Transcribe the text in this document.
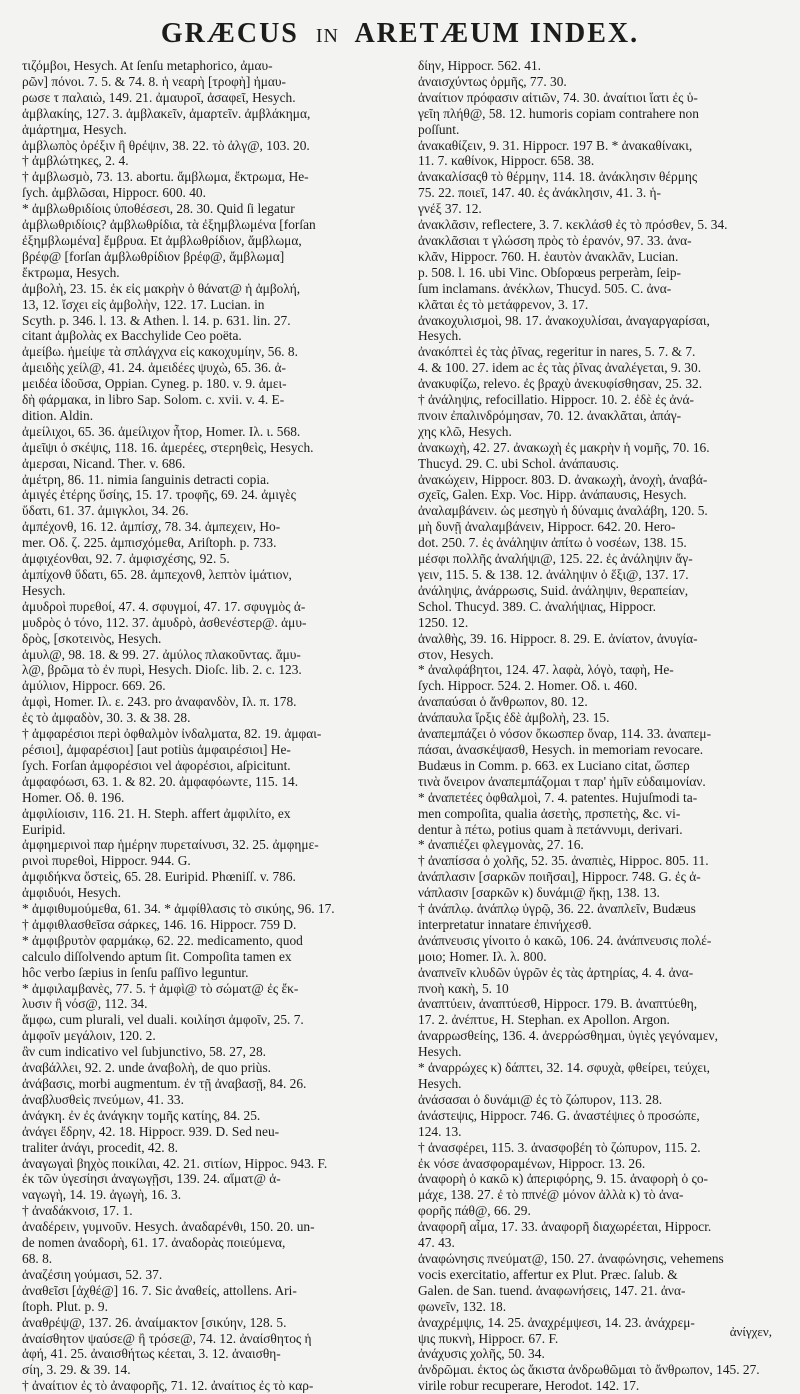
GRÆCUS IN ARETÆUM INDEX.
τιζόμβοι, Hesych. At ſenſu metaphorico, ἀμαυ-
ρῶν] πόνοι. 7. 5. & 74. 8. ἡ νεαρὴ [τροφὴ] ἠμαυ-
ρωσε τ παλαιὼ, 149. 21. ἀμαυροῖ, ἀσαφεῖ, Hesych.
ἀμβλακίης, 127. 3. ἀμβλακεῖν, ἀμαρτεῖν. ἀμβλάκημα,
ἁμάρτημα, Hesych.
ἀμβλωπὸς ὀρέξιν ἢ θρέψιν, 38. 22. τὸ ἀλγ@, 103. 20.
† ἀμβλώτηκες, 2. 4.
† ἀμβλωσμὸ, 73. 13. abortu. ἄμβλωμα, ἔκτρωμα, He-
ſych. ἀμβλῶσαι, Hippocr. 600. 40.
* ἀμβλωθριδίοις ὑποθέσεσι, 28. 30. Quid ſi legatur
ἀμβλωθριδίοις? ἀμβλωθρίδια, τὰ ἐξημβλωμένα [forſan
ἐξημβλωμένα] ἔμβρυα. Et ἀμβλωθρίδιον, ἄμβλωμα,
βρέφ@ [forſan ἀμβλωθρίδιον βρέφ@, ἄμβλωμα]
ἔκτρωμα, Hesych.
ἀμβολὴ, 23. 15. ἐκ εἰς μακρὴν ὁ θάνατ@ ἡ ἀμβολή,
13, 12. ἴσχει εἰς ἀμβολὴν, 122. 17. Lucian. in
Scyth. p. 346. l. 13. & Athen. l. 14. p. 631. lin. 27.
citant ἀμβολὰς ex Bacchylide Ceo poëta.
ἀμείβω. ἠμείψε τὰ σπλάγχνα εἰς κακοχυμίην, 56. 8.
ἀμειδὴς χείλ@, 41. 24. ἀμειδέες ψυχὼ, 65. 36. ἀ-
μειδέα ἰδοῦσα, Oppian. Cyneg. p. 180. v. 9. ἀμει-
δὴ φάρμακα, in libro Sap. Solom. c. xvii. v. 4. E-
dition. Aldin.
ἀμείλιχοι, 65. 36. ἀμείλιχον ἦτορ, Homer. Ιλ. ι. 568.
ἀμεῖψι ὁ σκέψις, 118. 16. ἀμερέες, στερηθεὶς, Hesych.
ἀμερσαι, Nicand. Ther. v. 686.
ἀμέτρη, 86. 11. nimia ſanguinis detracti copia.
ἀμιγές ἐτέρης ὕσίης, 15. 17. τροφῆς, 69. 24. ἀμιγὲς
ὕδατι, 61. 37. ἀμιγκλοι, 34. 26.
ἀμπέχονθ, 16. 12. ἀμπίσχ, 78. 34. ἀμπεχειν, Ho-
mer. Οδ. ζ. 225. ἀμπισχόμεθα, Ariſtoph. p. 733.
ἀμφιχέονθαι, 92. 7. ἀμφισχέσης, 92. 5.
ἀμπίχονθ ὕδατι, 65. 28. ἀμπεχονθ, λεπτὸν ἱμάτιον,
Hesych.
ἀμυδροὶ πυρεθοί, 47. 4. σφυγμοί, 47. 17. σφυγμὸς ἀ-
μυδρὸς ὁ τόνο, 112. 37. ἀμυδρὸ, ἀσθενέστερ@. ἀμυ-
δρὸς, [σκοτεινὸς, Hesych.
ἀμυλ@, 98. 18. & 99. 27. ἀμύλος πλακοῦντας. ἄμυ-
λ@, βρῶμα τὸ ἐν πυρὶ, Hesych. Dioſc. lib. 2. c. 123.
ἀμύλιον, Hippocr. 669. 26.
ἀμφὶ, Homer. Ιλ. ε. 243. pro ἀναφανδὸν, Ιλ. π. 178.
ἐς τὸ ἀμφαδὸν, 30. 3. & 38. 28.
† ἀμφαρέσιοι περὶ ὀφθαλμὸν ἰνδαλματα, 82. 19. ἀμφαι-
ρέσιοι], ἀμφαρέσιοι] [aut potiùs ἀμφαιρέσιοι] He-
ſych. Forſan ἀμφορέσιοι vel ἀφορέσιοι, aſpicitunt.
ἀμφαφόωσι, 63. 1. & 82. 20. ἀμφαφόωντε, 115. 14.
Homer. Οδ. θ. 196.
ἀμφιλίοισιν, 116. 21. H. Steph. affert ἀμφιλίτο, ex
Euripid.
ἀμφημερινοὶ παρ ἡμέρην πυρεταίνυσι, 32. 25. ἀμφημε-
ρινοὶ πυρεθοὶ, Hippocr. 944. G.
ἀμφιδήκνα ὄστεὶς, 65. 28. Euripid. Phœniſſ. v. 786.
ἀμφιδυόι, Hesych.
* ἀμφιθυμούμεθα, 61. 34. * ἀμφίθλασις τὸ σικύης, 96. 17.
† ἀμφιθλασθεῖσα σάρκες, 146. 16. Hippocr. 759 D.
* ἀμφιβρυτὸν φαρμάκῳ, 62. 22. medicamento, quod
calculo diſſolvendo aptum ſit. Compoſita tamen ex
hôc verbo ſæpius in ſenſu paſſivo leguntur.
* ἀμφιλαμβανὲς, 77. 5. † ἀμφὶ@ τὸ σώματ@ ἐς ἔκ-
λυσιν ἢ νόσ@, 112. 34.
ἄμφω, cum plurali, vel duali. κοιλίησι ἀμφοῖν, 25. 7.
ἀμφοῖν μεγάλοιν, 120. 2.
ἂν cum indicativo vel ſubjunctivo, 58. 27, 28.
ἀναβάλλει, 92. 2. unde ἀναβολὴ, de quo priùs.
ἀνάβασις, morbi augmentum. ἐν τῇ ἀναβασῇ, 84. 26.
ἀναβλυσθεὶς πνεύμων, 41. 33.
ἀνάγκη. ἐν ἐς ἀνάγκην τομῆς κατίης, 84. 25.
ἀνάγει ἔδρην, 42. 18. Hippocr. 939. D. Sed neu-
traliter ἀνάγι, procedit, 42. 8.
ἀναγωγαὶ βηχὸς ποικίλαι, 42. 21. σιτίων, Hippoc. 943. F.
ἐκ τῶν ὑγεσίησι ἀναγωγῇσι, 139. 24. αἵματ@ ἀ-
ναγωγὴ, 14. 19. ἀγωγὴ, 16. 3.
† ἀναδάκνοισ, 17. 1.
ἀναδέρειν, γυμνοῦν. Hesych. ἀναδαρένθι, 150. 20. un-
de nomen ἀναδορὴ, 61. 17. ἀναδορὰς ποιεύμενα,
68. 8.
ἀναζέσιη γούμασι, 52. 37.
ἀναθεῖσι [ἀχθέ@] 16. 7. Sic ἀναθείς, attollens. Ari-
ſtoph. Plut. p. 9.
ἀναθρέψ@, 137. 26. ἀναίμακτον [σικύην, 128. 5.
ἀναίσθητον ψαύσε@ ἢ τρόσε@, 74. 12. ἀναίσθητος ἡ
ἀφή, 41. 25. ἀναισθήτως κέεται, 3. 12. ἀναισθη-
σίη, 3. 29. & 39. 14.
† ἀναίτιον ἐς τὸ ἀναφορῆς, 71. 12. ἀναίτιος ἐς τὸ καρ-
δίην, Hippocr. 562. 41.
ἀναισχύντως ὀρμῆς, 77. 30.
ἀναίτιον πρόφασιν αἰτιῶν, 74. 30. ἀναίτιοι ἴατι ἐς ὑ-
γεῖη πλήθ@, 58. 12. humoris copiam contrahere non
poſſunt.
ἀνακαθίζειν, 9. 31. Hippocr. 197 B. * ἀνακαθίνακι,
11. 7. καθίνοκ, Hippocr. 658. 38.
ἀνακαλίσαςθ τὸ θέρμην, 114. 18. ἀνάκλησιν θέρμης
75. 22. ποιεῖ, 147. 40. ἐς ἀνάκλησιν, 41. 3. ἡ-
γνέξ 37. 12.
ἀνακλᾶσιν, reflectere, 3. 7. κεκλάσθ ἐς τὸ πρόσθεν, 5. 34.
ἀνακλᾶσιαι τ γλώσση πρὸς τὸ ἐρανόν, 97. 33. ἀνα-
κλᾶν, Hippocr. 760. H. ἑαυτὸν ἀνακλᾶν, Lucian.
p. 508. l. 16. ubi Vinc. Obſopœus perperàm, ſeip-
ſum inclamans. ἀνέκλων, Thucyd. 505. C. ἀνα-
κλᾶται ἐς τὸ μετάφρενον, 3. 17.
ἀνακοχυλισμοὶ, 98. 17. ἀνακοχυλίσαι, ἀναγαργαρίσαι,
Hesych.
ἀνακόπτεὶ ἐς τὰς ῥῖνας, regeritur in nares, 5. 7. & 7.
4. & 100. 27. idem ac ἐς τὰς ῥῖνας ἀναλέγεται, 9. 30.
ἀνακυφίζω, relevo. ἐς βραχὺ ἀνεκυφίσθησαν, 25. 32.
† ἀνάληψις, refocillatio. Hippocr. 10. 2. ἐδὲ ἐς ἀνά-
πνοιν ἐπαλινδρόμησαν, 70. 12. ἀνακλᾶται, ἀπάγ-
χης κλῶ, Hesych.
ἀνακωχὴ, 42. 27. ἀνακωχὴ ἐς μακρὴν ἡ νομῆς, 70. 16.
Thucyd. 29. C. ubi Schol. ἀνάπαυσις.
ἀνακώχειν, Hippocr. 803. D. ἀνακωχὴ, ἀνοχὴ, ἀναβά-
σχεῖς, Galen. Exp. Voc. Hipp. ἀνάπαυσις, Hesych.
ἀναλαμβάνειν. ὡς μεσηγὺ ἡ δύναμις ἀναλάβη, 120. 5.
μὴ δυνῇ ἀναλαμβάνειν, Hippocr. 642. 20. Hero-
dot. 250. 7. ἐς ἀνάληψιν ἀπίτω ὁ νοσέων, 138. 15.
μέσφι πολλῆς ἀναλήψι@, 125. 22. ἐς ἀνάληψιν ἄγ-
γειν, 115. 5. & 138. 12. ἀνάληψιν ὁ ἕξι@, 137. 17.
ἀνάληψις, ἀνάρρωσις, Suid. ἀνάληψιν, θεραπείαν,
Schol. Thucyd. 389. C. ἀναλήψιας, Hippocr.
1250. 12.
ἀναλθὴς, 39. 16. Hippocr. 8. 29. E. ἀνίατον, ἀνυγία-
στον, Hesych.
* ἀναλφάβητοι, 124. 47. λαφὰ, λόγὸ, ταφὴ, He-
ſych. Hippocr. 524. 2. Homer. Οδ. ι. 460.
ἀναπαύσαι ὁ ἄνθρωπον, 80. 12.
ἀνάπαυλα ἴρξις ἐδὲ ἀμβολὴ, 23. 15.
ἀναπεμπάζει ὁ νόσον ὄκωσπερ ὄναρ, 114. 33. ἀναπεμ-
πάσαι, ἀνασκέψασθ, Hesych. in memoriam revocare.
Budæus in Comm. p. 663. ex Luciano citat, ὥσπερ
τινὰ ὄνειρον ἀναπεμπάζομαι τ παρ' ἡμῖν εὐδαιμονίαν.
* ἀναπετέες ὀφθαλμοὶ, 7. 4. patentes. Hujuſmodi ta-
men compoſita, qualia ἀσετὴς, πρσπετὴς, &c. vi-
dentur à πέτω, potius quam à πετάννυμι, derivari.
* ἀναπιέζει φλεγμονὰς, 27. 16.
† ἀναπίσσα ὁ χολῆς, 52. 35. ἀναπιὲς, Hippoc. 805. 11.
ἀνάπλασιν [σαρκῶν ποιῆσαι], Hippocr. 748. G. ἐς ἀ-
νάπλασιν [σαρκῶν κ) δυνάμι@ ἥκῃ, 138. 13.
† ἀνάπλῳ. ἀνάπλῳ ὑγρῷ, 36. 22. ἀναπλεῖν, Budæus
interpretatur innatare ἐπινήχεσθ.
ἀνάπνευσις γίνοιτο ὁ κακῶ, 106. 24. ἀνάπνευσις πολέ-
μοιο; Homer. Ιλ. λ. 800.
ἀναπνεῖν κλυδῶν ὑγρῶν ἐς τὰς ἀρτηρίας, 4. 4. ἀνα-
πνοὴ κακὴ, 5. 10
ἀναπτύειν, ἀναπτύεσθ, Hippocr. 179. B. ἀναπτύεθη,
17. 2. ἀνέπτυε, H. Stephan. ex Apollon. Argon.
ἀναρρωσθείης, 136. 4. ἀνερρώσθημαι, ὑγιὲς γεγόναμεν,
Hesych.
* ἀναρρώχες κ) δάπτει, 32. 14. σφυχὰ, φθείρει, τεύχει,
Hesych.
ἀνάσασαι ὁ δυνάμι@ ἐς τὸ ζώπυρον, 113. 28.
ἀνάστεψις, Hippocr. 746. G. ἀναστέψιες ὁ προσώπε,
124. 13.
† ἀνασφέρει, 115. 3. ἀνασφοβέη τὸ ζώπυρον, 115. 2.
ἐκ νόσε ἀνασφοραμένων, Hippocr. 13. 26.
ἀναφορὴ ὁ κακῶ κ) ἀπεριφόρης, 9. 15. ἀναφορὴ ὁ ςο-
μάχε, 138. 27. ἐ τὸ ππνέ@ μόνον ἀλλὰ κ) τὸ ἀνα-
φορῆς πάθ@, 66. 29.
ἀναφορῆ αἷμα, 17. 33. ἀναφορῆ διαχωρέεται, Hippocr.
47. 43.
ἀναφώνησις πνεύματ@, 150. 27. ἀναφώνησις, vehemens
vocis exercitatio, affertur ex Plut. Præc. ſalub. &
Galen. de San. tuend. ἀναφωνήσεις, 147. 21. ἀνα-
φωνεῖν, 132. 18.
ἀναχρέμψις, 14. 25. ἀναχρέμψεσι, 14. 23. ἀνάχρεμ-
ψις πυκνὴ, Hippocr. 67. F.
ἀνάχυσις χολῆς, 50. 34.
ἀνδρῶμαι. ἐκτος ὡς ἄκιστα ἀνδρωθῶμαι τὸ ἄνθρωπον, 145. 27.
virile robur recuperare, Herodot. 142. 17.
ἀνίγχεν,
